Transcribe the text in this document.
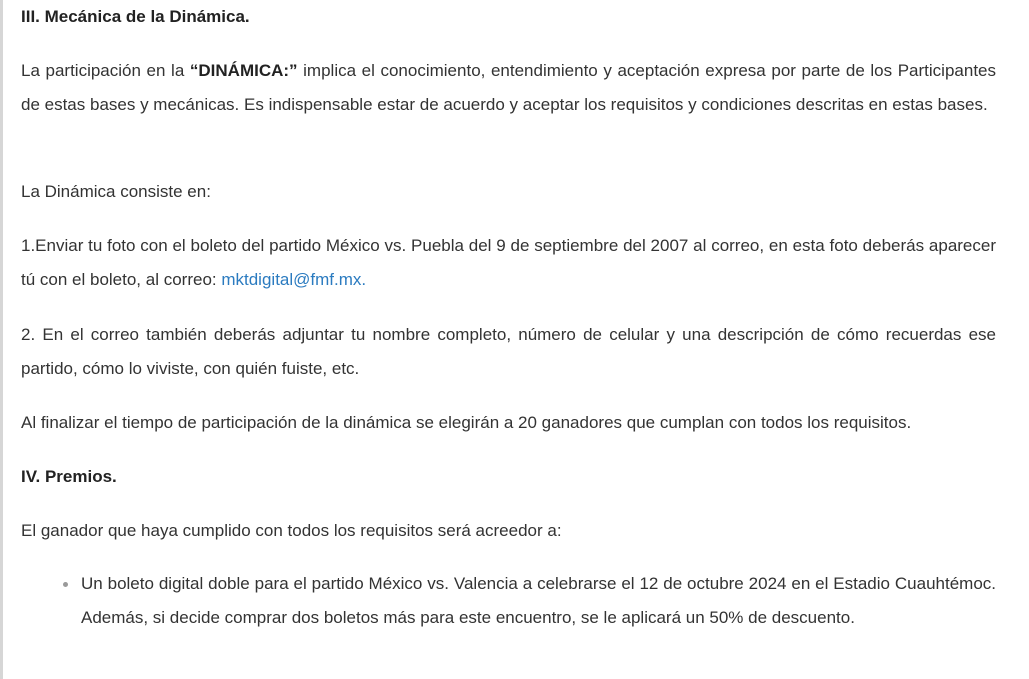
III. Mecánica de la Dinámica.

La participación en la “DINÁMICA:” implica el conocimiento, entendimiento y aceptación expresa por parte de los Participantes de estas bases y mecánicas. Es indispensable estar de acuerdo y aceptar los requisitos y condiciones descritas en estas bases.

La Dinámica consiste en:

1.Enviar tu foto con el boleto del partido México vs. Puebla del 9 de septiembre del 2007 al correo, en esta foto deberás aparecer tú con el boleto, al correo: mktdigital@fmf.mx.

2. En el correo también deberás adjuntar tu nombre completo, número de celular y una descripción de cómo recuerdas ese partido, cómo lo viviste, con quién fuiste, etc.

Al finalizar el tiempo de participación de la dinámica se elegirán a 20 ganadores que cumplan con todos los requisitos.

IV. Premios.

El ganador que haya cumplido con todos los requisitos será acreedor a:

Un boleto digital doble para el partido México vs. Valencia a celebrarse el 12 de octubre 2024 en el Estadio Cuauhtémoc. Además, si decide comprar dos boletos más para este encuentro, se le aplicará un 50% de descuento.
